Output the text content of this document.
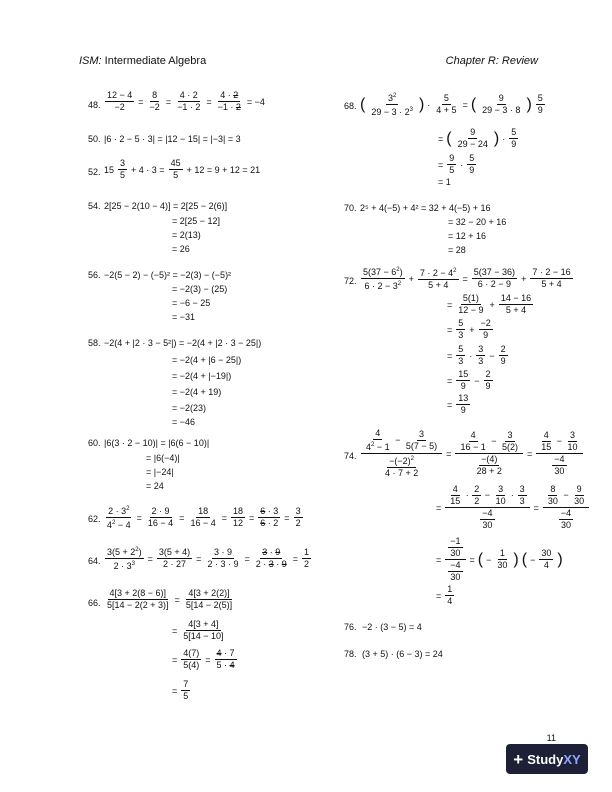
ISM: Intermediate Algebra	Chapter R: Review
48. $\frac{12 - 4}{-2} = \frac{8}{-2} = \frac{4 \cdot 2}{-1 \cdot 2} = \frac{4 \cdot 2}{-1 \cdot 2} = -4$
50. |6 · 2 − 5 · 3| = |12 − 15| = |−3| = 3
52. $15 \frac{3}{5} + 4 \cdot 3 = \frac{45}{5} + 12 = 9 + 12 = 21$
54. 2[25 − 2(10 − 4)] = 2[25 − 2(6)]
= 2[25 − 12]
= 2(13)
= 26
56. −2(5 − 2) − (−5)² = −2(3) − (−5)²
= −2(3) − (25)
= −6 − 25
= −31
58. −2(4 + |2 · 3 − 5²|) = −2(4 + |2 · 3 − 25|)
= −2(4 + |6 − 25|)
= −2(4 + |−19|)
= −2(4 + 19)
= −2(23)
= −46
60. |6(3 · 2 − 10)| = |6(6 − 10)|
= |6(−4)|
= |−24|
= 24
62. $\frac{2 \cdot 3^2}{4^2 - 4} = \frac{2 \cdot 9}{16 - 4} = \frac{18}{16 - 4} = \frac{18}{12} = \frac{6 \cdot 3}{6 \cdot 2} = \frac{3}{2}$
64. $\frac{3(5 + 2^2)}{2 \cdot 3^3} = \frac{3(5 + 4)}{2 \cdot 27} = \frac{3 \cdot 9}{2 \cdot 3 \cdot 9} = \frac{3 \cdot 9}{2 \cdot 3 \cdot 9} = \frac{1}{2}$
66. $\frac{4[3 + 2(8 - 6)]}{5[14 - 2(2 + 3)]} = \frac{4[3 + 2(2)]}{5[14 - 2(5)]}$
= $\frac{4[3 + 4]}{5[14 - 10]}$
= $\frac{4(7)}{5(4)} = \frac{4 \cdot 7}{5 \cdot 4}$
= $\frac{7}{5}$
68. ( $\frac{3^2}{29 - 3 \cdot 2^3}$ ) · $\frac{5}{4 + 5}$ = ( $\frac{9}{29 - 3 \cdot 8}$ ) $\frac{5}{9}$
= ( $\frac{9}{29 - 24}$ ) · $\frac{5}{9}$
= $\frac{9}{5} \cdot \frac{5}{9}$
= 1
70. 2⁵ + 4(−5) + 4² = 32 + 4(−5) + 16
= 32 − 20 + 16
= 12 + 16
= 28
72. $\frac{5(37 - 6^2)}{6 \cdot 2 - 3^2} + \frac{7 \cdot 2 - 4^2}{5 + 4} = \frac{5(37 - 36)}{6 \cdot 2 - 9} + \frac{7 \cdot 2 - 16}{5 + 4}$
= $\frac{5(1)}{12 - 9} + \frac{14 - 16}{5 + 4}$
= $\frac{5}{3} + \frac{-2}{9}$
= $\frac{5}{3} \cdot \frac{3}{3} - \frac{2}{9}$
= $\frac{15}{9} - \frac{2}{9}$
= $\frac{13}{9}$
74. $\frac{\frac{4}{4^2 - 1} - \frac{3}{5(7 - 5)}}{\frac{-(-2)^2}{4 \cdot 7 + 2}} = \frac{\frac{4}{16 - 1} - \frac{3}{5(2)}}{\frac{-(4)}{28 + 2}} = \frac{\frac{4}{15} - \frac{3}{10}}{\frac{-4}{30}}$
= $\frac{\frac{4}{15} \cdot \frac{2}{2} - \frac{3}{10} \cdot \frac{3}{3}}{\frac{-4}{30}} = \frac{\frac{8}{30} - \frac{9}{30}}{\frac{-4}{30}}$
= $\frac{\frac{-1}{30}}{\frac{-4}{30}}$ = ( − $\frac{1}{30}$ ) ( − $\frac{30}{4}$ )
= $\frac{1}{4}$
76. −2 · (3 − 5) = 4
78. (3 + 5) · (6 − 3) = 24
11
+ StudyXY
